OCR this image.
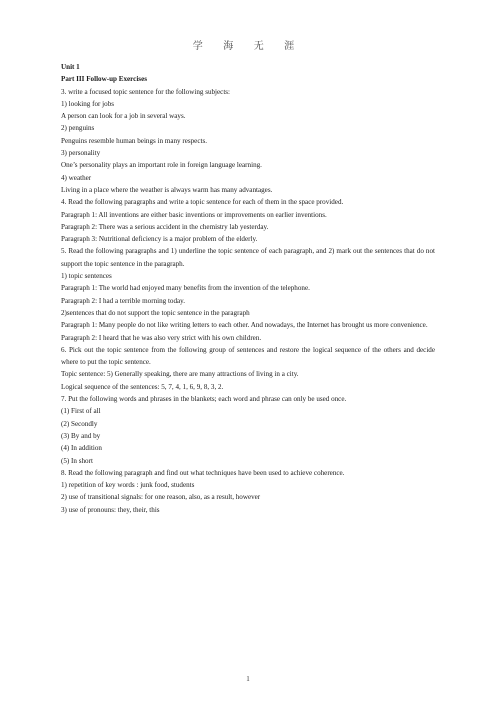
学 海 无 涯

Unit 1

Part III Follow-up Exercises

3. write a focused topic sentence for the following subjects:

1) looking for jobs

A person can look for a job in several ways.

2) penguins

Penguins resemble human beings in many respects.

3) personality

One’s personality plays an important role in foreign language learning.

4) weather

Living in a place where the weather is always warm has many advantages.

4. Read the following paragraphs and write a topic sentence for each of them in the space provided.

Paragraph 1: All inventions are either basic inventions or improvements on earlier inventions.

Paragraph 2: There was a serious accident in the chemistry lab yesterday.

Paragraph 3: Nutritional deficiency is a major problem of the elderly.

5. Read the following paragraphs and 1) underline the topic sentence of each paragraph, and 2) mark out the sentences that do not support the topic sentence in the paragraph.

1) topic sentences

Paragraph 1: The world had enjoyed many benefits from the invention of the telephone.

Paragraph 2: I had a terrible morning today.

2)sentences that do not support the topic sentence in the paragraph

Paragraph 1: Many people do not like writing letters to each other. And nowadays, the Internet has brought us more convenience.

Paragraph 2: I heard that he was also very strict with his own children.

6. Pick out the topic sentence from the following group of sentences and restore the logical sequence of the others and decide where to put the topic sentence.

Topic sentence: 5) Generally speaking, there are many attractions of living in a city.

Logical sequence of the sentences: 5, 7, 4, 1, 6, 9, 8, 3, 2.

7. Put the following words and phrases in the blankets; each word and phrase can only be used once.

(1) First of all

(2) Secondly

(3) By and by

(4) In addition

(5) In short

8. Read the following paragraph and find out what techniques have been used to achieve coherence.

1) repetition of key words : junk food, students

2) use of transitional signals: for one reason, also, as a result, however

3) use of pronouns: they, their, this

1
